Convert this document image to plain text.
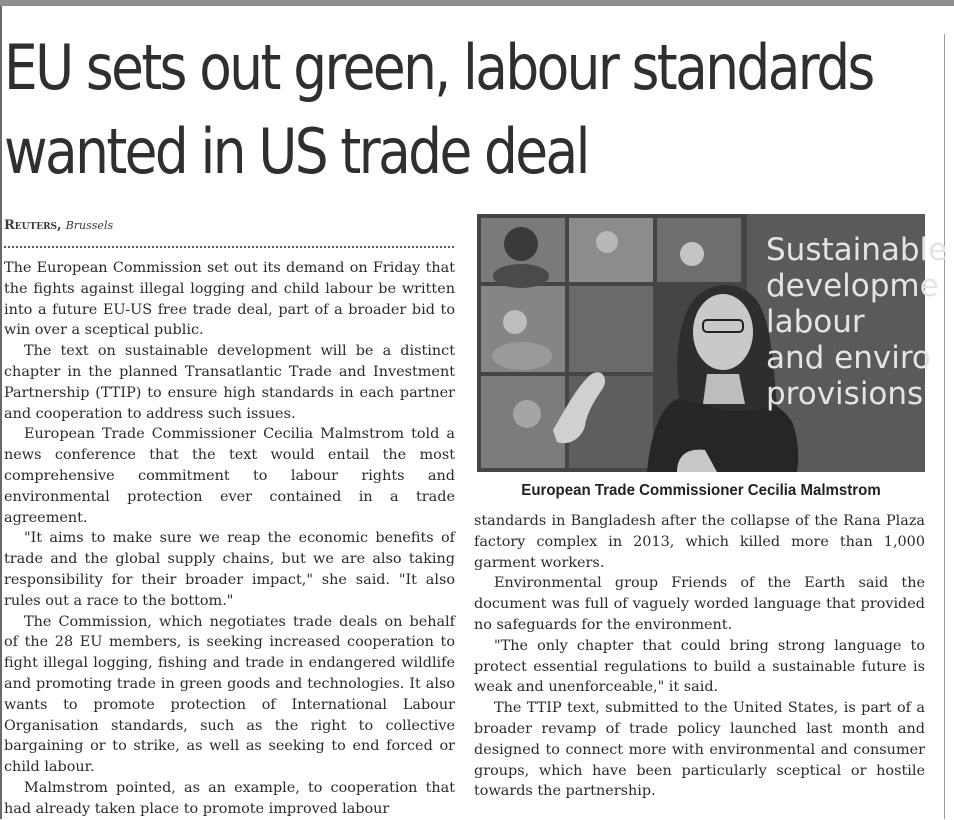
EU sets out green, labour standards
wanted in US trade deal
Reuters, Brussels

The European Commission set out its demand on Friday that the fights against illegal logging and child labour be written into a future EU-US free trade deal, part of a broader bid to win over a sceptical public.

The text on sustainable development will be a distinct chapter in the planned Transatlantic Trade and Investment Partnership (TTIP) to ensure high standards in each partner and cooperation to address such issues.

European Trade Commissioner Cecilia Malmstrom told a news conference that the text would entail the most comprehensive commitment to labour rights and environmental protection ever contained in a trade agreement.

"It aims to make sure we reap the economic benefits of trade and the global supply chains, but we are also taking responsibility for their broader impact," she said. "It also rules out a race to the bottom."

The Commission, which negotiates trade deals on behalf of the 28 EU members, is seeking increased cooperation to fight illegal logging, fishing and trade in endangered wildlife and promoting trade in green goods and technologies. It also wants to promote protection of International Labour Organisation standards, such as the right to collective bargaining or to strike, as well as seeking to end forced or child labour.

Malmstrom pointed, as an example, to cooperation that had already taken place to promote improved labour

Sustainable
developme
labour
and enviro
provisions
European Trade Commissioner Cecilia Malmstrom

standards in Bangladesh after the collapse of the Rana Plaza factory complex in 2013, which killed more than 1,000 garment workers.

Environmental group Friends of the Earth said the document was full of vaguely worded language that provided no safeguards for the environment.

"The only chapter that could bring strong language to protect essential regulations to build a sustainable future is weak and unenforceable," it said.

The TTIP text, submitted to the United States, is part of a broader revamp of trade policy launched last month and designed to connect more with environmental and consumer groups, which have been particularly sceptical or hostile towards the partnership.
